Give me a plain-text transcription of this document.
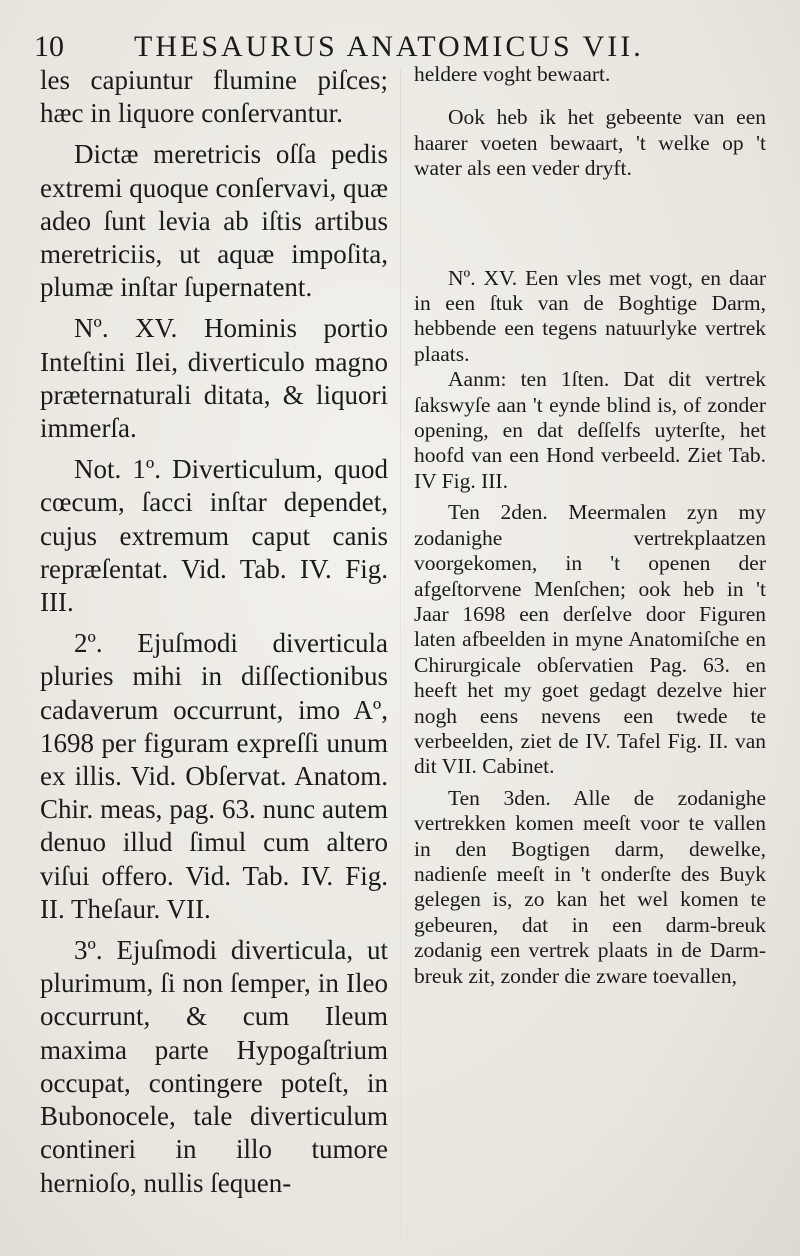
10 THESAURUS ANATOMICUS VII.

les capiuntur flumine piſces; hæc in liquore conſervantur.

Dictæ meretricis oſſa pedis extremi quoque conſervavi, quæ adeo ſunt levia ab iſtis artibus meretriciis, ut aquæ impoſita, plumæ inſtar ſupernatent.

Nº. XV. Hominis portio Inteſtini Ilei, diverticulo magno præternaturali ditata, & liquori immerſa.

Not. 1º. Diverticulum, quod cœcum, ſacci inſtar dependet, cujus extremum caput canis repræſentat. Vid. Tab. IV. Fig. III.

2º. Ejuſmodi diverticula pluries mihi in diſſectionibus cadaverum occurrunt, imo Aº, 1698 per figuram expreſſi unum ex illis. Vid. Obſervat. Anatom. Chir. meas, pag. 63. nunc autem denuo illud ſimul cum altero viſui offero. Vid. Tab. IV. Fig. II. Theſaur. VII.

3º. Ejuſmodi diverticula, ut plurimum, ſi non ſemper, in Ileo occurrunt, & cum Ileum maxima parte Hypogaſtrium occupat, contingere poteſt, in Bubonocele, tale diverticulum contineri in illo tumore hernioſo, nullis ſequen-

heldere voght bewaart.

Ook heb ik het gebeente van een haarer voeten bewaart, 't welke op 't water als een veder dryft.

Nº. XV. Een vles met vogt, en daar in een ſtuk van de Boghtige Darm, hebbende een tegens natuurlyke vertrek plaats.

Aanm: ten 1ſten. Dat dit vertrek ſakswyſe aan 't eynde blind is, of zonder opening, en dat deſſelfs uyterſte, het hoofd van een Hond verbeeld. Ziet Tab. IV Fig. III.

Ten 2den. Meermalen zyn my zodanighe vertrekplaatzen voorgekomen, in 't openen der afgeſtorvene Menſchen; ook heb in 't Jaar 1698 een derſelve door Figuren laten afbeelden in myne Anatomiſche en Chirurgicale obſervatien Pag. 63. en heeft het my goet gedagt dezelve hier nogh eens nevens een twede te verbeelden, ziet de IV. Tafel Fig. II. van dit VII. Cabinet.

Ten 3den. Alle de zodanighe vertrekken komen meeſt voor te vallen in den Bogtigen darm, dewelke, nadienſe meeſt in 't onderſte des Buyk gelegen is, zo kan het wel komen te gebeuren, dat in een darm-breuk zodanig een vertrek plaats in de Darm-breuk zit, zonder die zware toevallen,
